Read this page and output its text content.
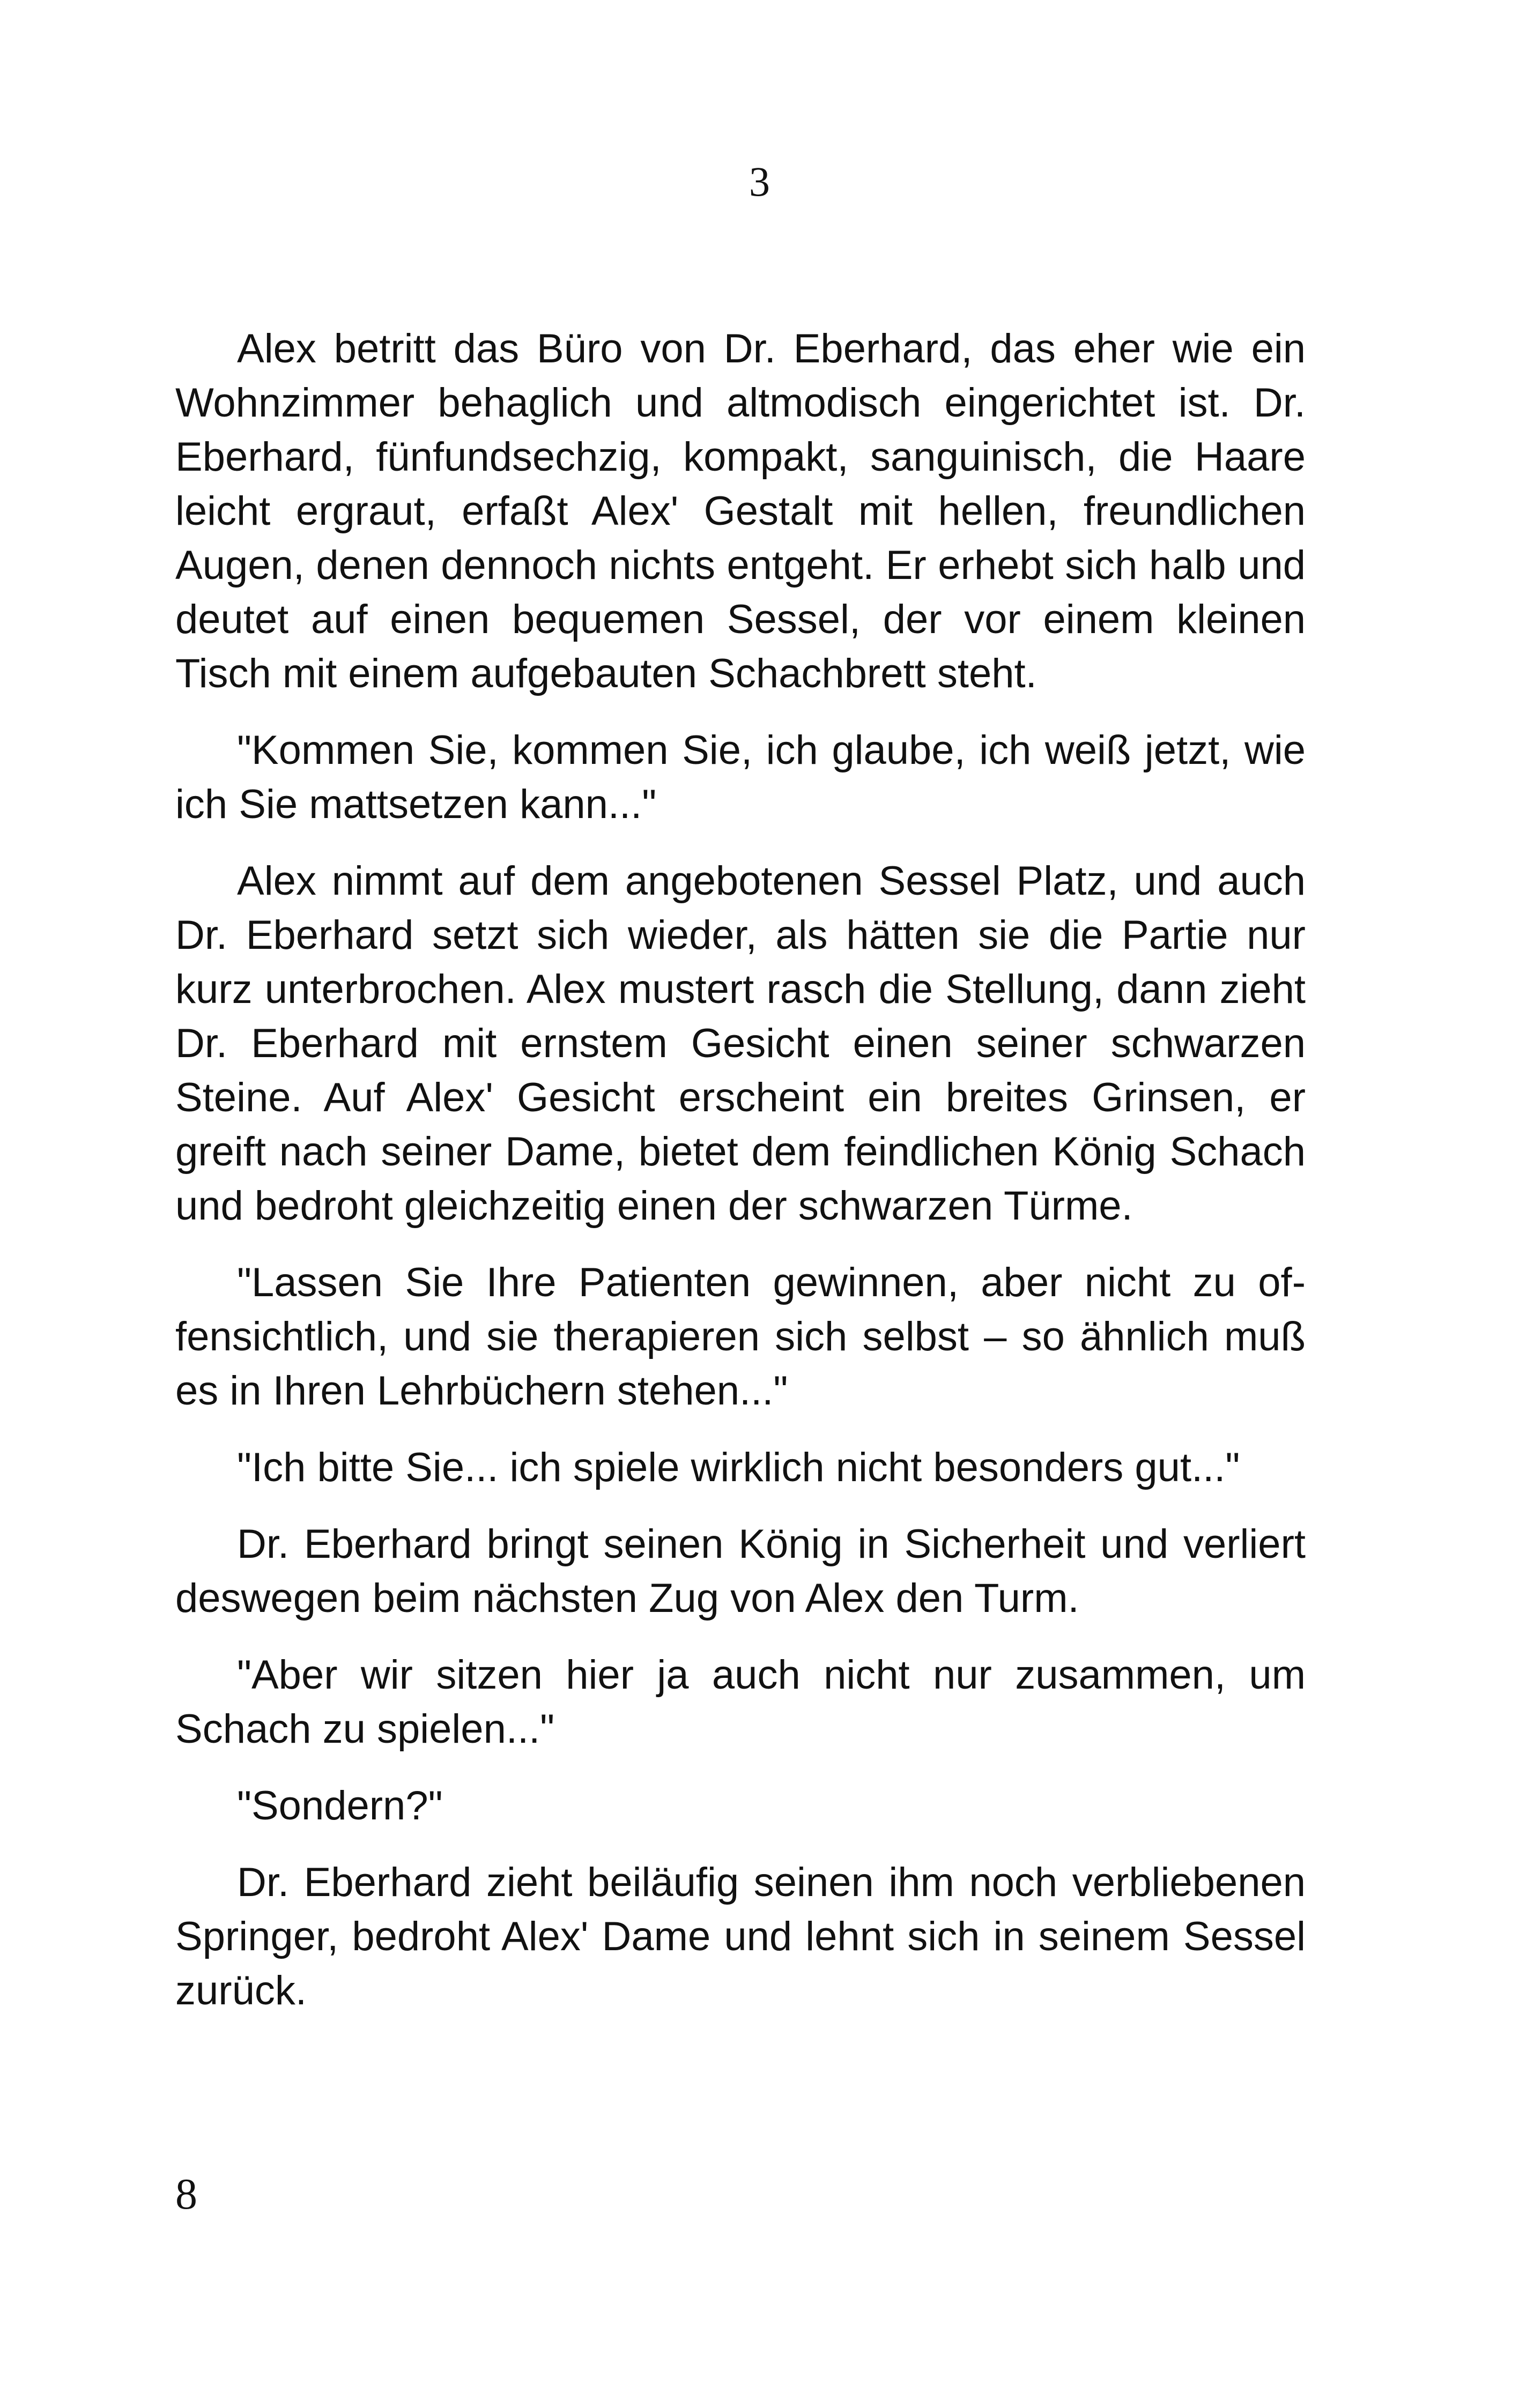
3

Alex betritt das Büro von Dr. Eberhard, das eher wie ein Wohnzimmer behaglich und altmodisch eingerichtet ist. Dr. Eberhard, fünfundsechzig, kompakt, sanguinisch, die Haare leicht ergraut, erfaßt Alex' Gestalt mit hellen, freundlichen Augen, denen dennoch nichts entgeht. Er erhebt sich halb und deutet auf einen bequemen Sessel, der vor einem kleinen Tisch mit einem aufgebauten Schachbrett steht.

"Kommen Sie, kommen Sie, ich glaube, ich weiß jetzt, wie ich Sie mattsetzen kann..."

Alex nimmt auf dem angebotenen Sessel Platz, und auch Dr. Eberhard setzt sich wieder, als hätten sie die Partie nur kurz unterbrochen. Alex mustert rasch die Stellung, dann zieht Dr. Eberhard mit ernstem Gesicht einen seiner schwarzen Steine. Auf Alex' Gesicht erscheint ein breites Grinsen, er greift nach seiner Dame, bietet dem feindlichen König Schach und bedroht gleichzeitig einen der schwarzen Türme.

"Lassen Sie Ihre Patienten gewinnen, aber nicht zu offensichtlich, und sie therapieren sich selbst – so ähnlich muß es in Ihren Lehrbüchern stehen..."

"Ich bitte Sie... ich spiele wirklich nicht besonders gut..."

Dr. Eberhard bringt seinen König in Sicherheit und verliert deswegen beim nächsten Zug von Alex den Turm.

"Aber wir sitzen hier ja auch nicht nur zusammen, um Schach zu spielen..."

"Sondern?"

Dr. Eberhard zieht beiläufig seinen ihm noch verbliebenen Springer, bedroht Alex' Dame und lehnt sich in seinem Sessel zurück.

8
